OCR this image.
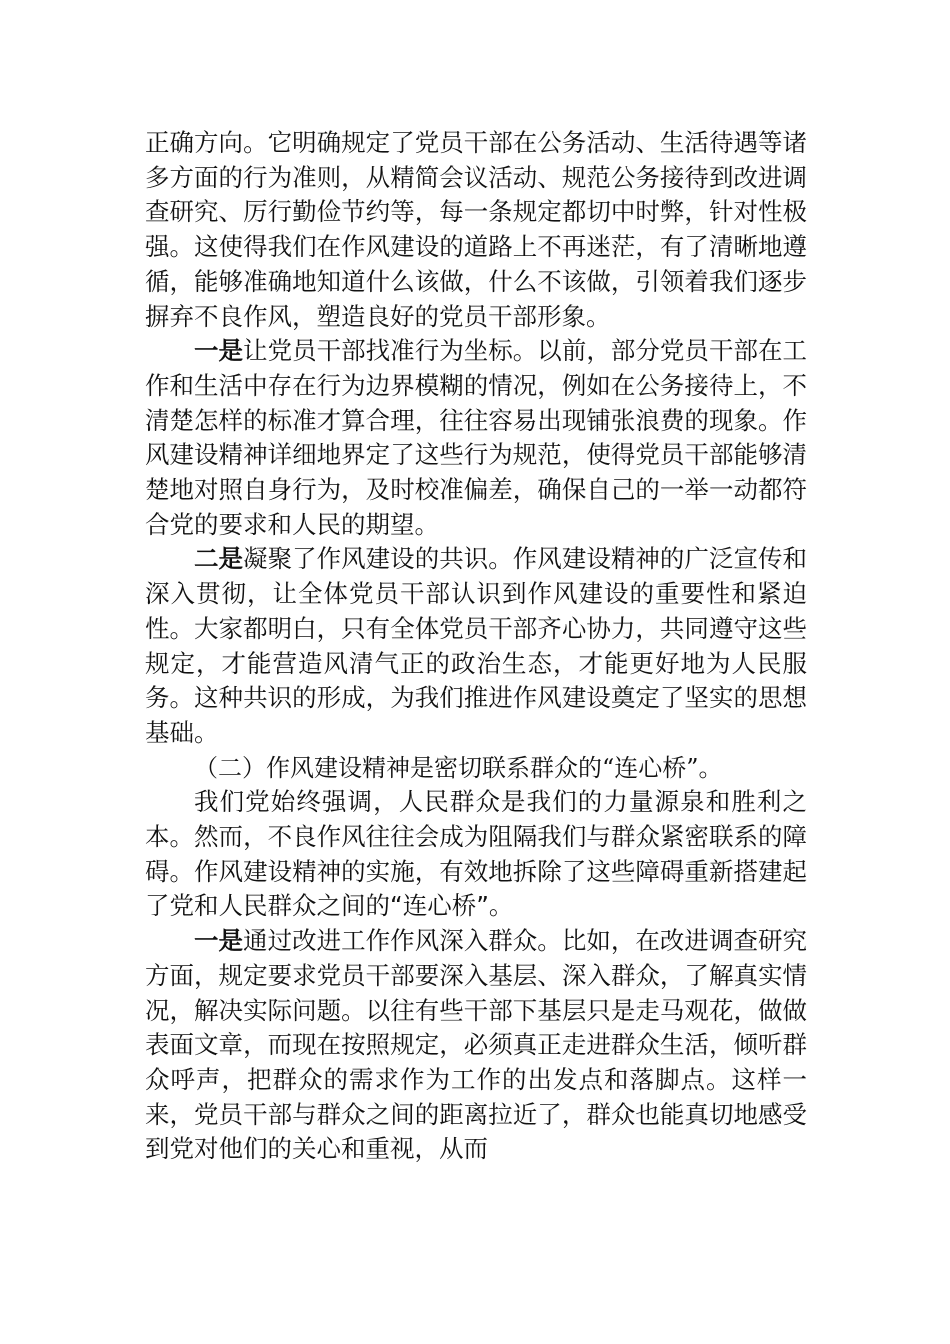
正确方向。它明确规定了党员干部在公务活动、生活待遇等诸多方面的行为准则，从精简会议活动、规范公务接待到改进调查研究、厉行勤俭节约等，每一条规定都切中时弊，针对性极强。这使得我们在作风建设的道路上不再迷茫，有了清晰地遵循，能够准确地知道什么该做，什么不该做，引领着我们逐步摒弃不良作风，塑造良好的党员干部形象。

一是让党员干部找准行为坐标。以前，部分党员干部在工作和生活中存在行为边界模糊的情况，例如在公务接待上，不清楚怎样的标准才算合理，往往容易出现铺张浪费的现象。作风建设精神详细地界定了这些行为规范，使得党员干部能够清楚地对照自身行为，及时校准偏差，确保自己的一举一动都符合党的要求和人民的期望。

二是凝聚了作风建设的共识。作风建设精神的广泛宣传和深入贯彻，让全体党员干部认识到作风建设的重要性和紧迫性。大家都明白，只有全体党员干部齐心协力，共同遵守这些规定，才能营造风清气正的政治生态，才能更好地为人民服务。这种共识的形成，为我们推进作风建设奠定了坚实的思想基础。

（二）作风建设精神是密切联系群众的“连心桥”。

我们党始终强调，人民群众是我们的力量源泉和胜利之本。然而，不良作风往往会成为阻隔我们与群众紧密联系的障碍。作风建设精神的实施，有效地拆除了这些障碍重新搭建起了党和人民群众之间的“连心桥”。

一是通过改进工作作风深入群众。比如，在改进调查研究方面，规定要求党员干部要深入基层、深入群众，了解真实情况，解决实际问题。以往有些干部下基层只是走马观花，做做表面文章，而现在按照规定，必须真正走进群众生活，倾听群众呼声，把群众的需求作为工作的出发点和落脚点。这样一来，党员干部与群众之间的距离拉近了，群众也能真切地感受到党对他们的关心和重视，从而
